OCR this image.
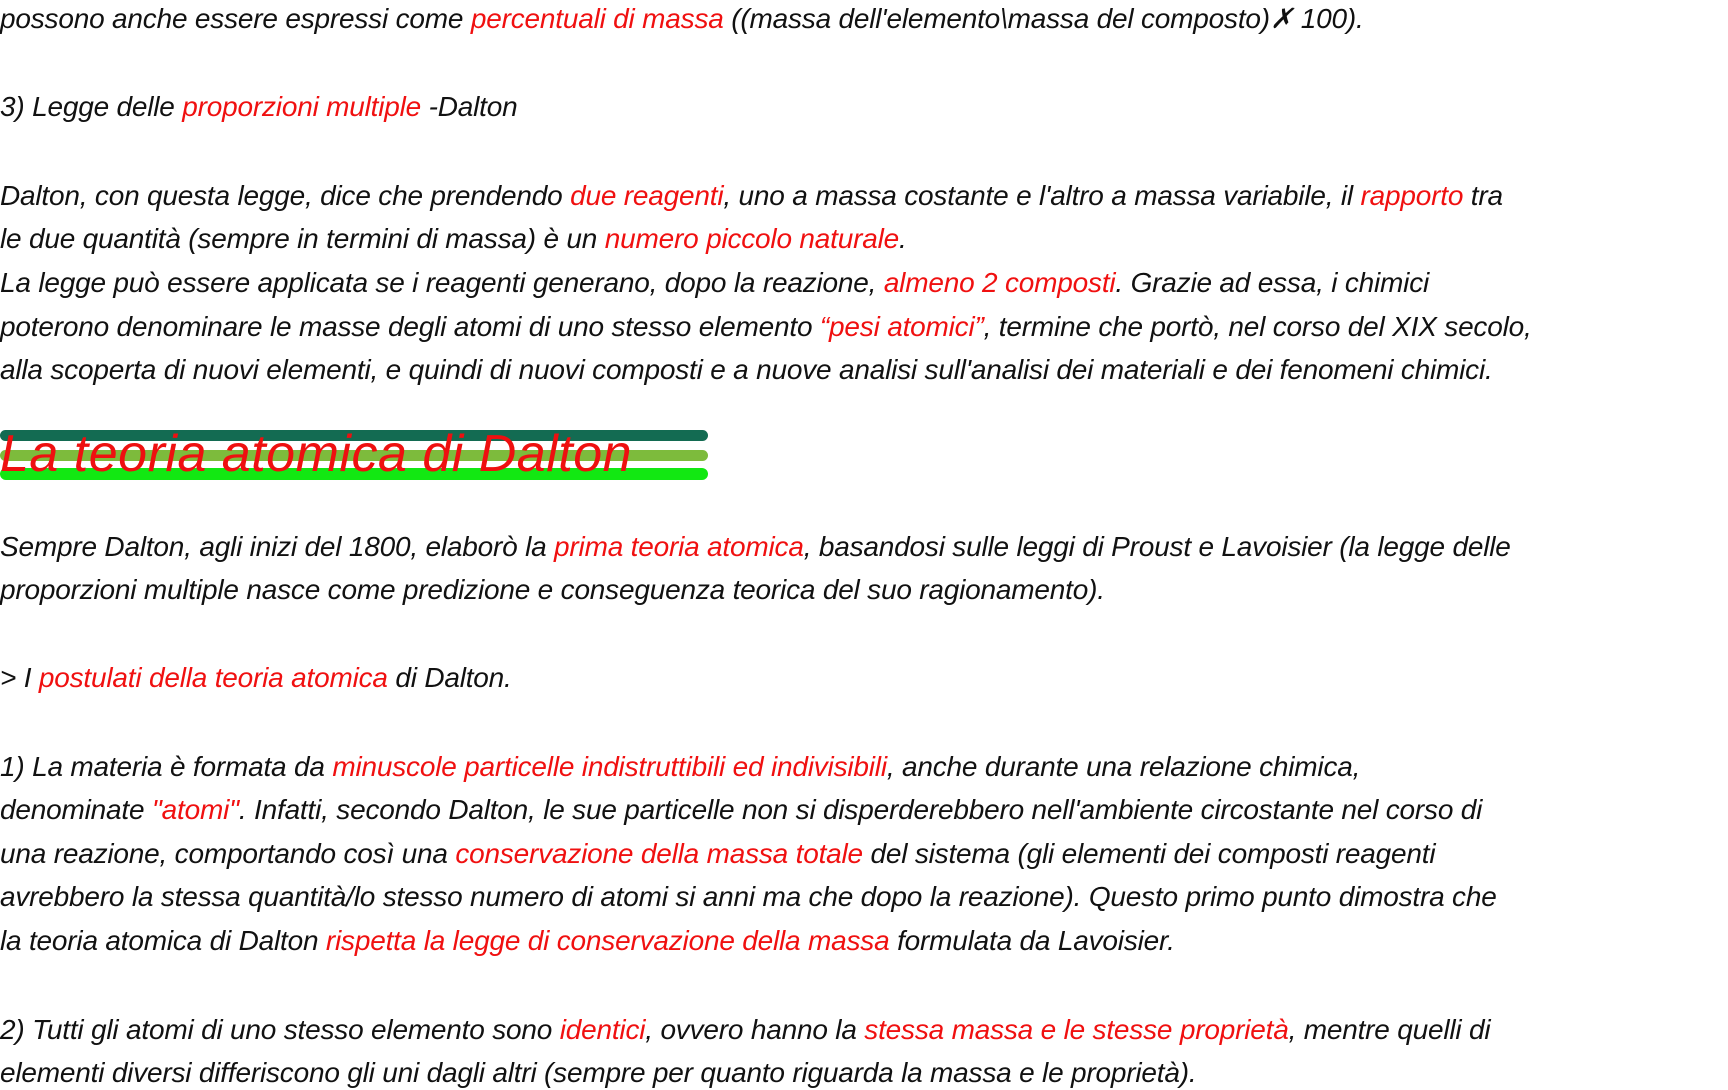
possono anche essere espressi come percentuali di massa ((massa dell'elemento\massa del composto)✗ 100).
3) Legge delle proporzioni multiple -Dalton
Dalton, con questa legge, dice che prendendo due reagenti, uno a massa costante e l'altro a massa variabile, il rapporto tra
le due quantità (sempre in termini di massa) è un numero piccolo naturale.
La legge può essere applicata se i reagenti generano, dopo la reazione, almeno 2 composti. Grazie ad essa, i chimici
poterono denominare le masse degli atomi di uno stesso elemento “pesi atomici”, termine che portò, nel corso del XIX secolo,
alla scoperta di nuovi elementi, e quindi di nuovi composti e a nuove analisi sull'analisi dei materiali e dei fenomeni chimici.
Sempre Dalton, agli inizi del 1800, elaborò la prima teoria atomica, basandosi sulle leggi di Proust e Lavoisier (la legge delle
proporzioni multiple nasce come predizione e conseguenza teorica del suo ragionamento).
> I postulati della teoria atomica di Dalton.
1) La materia è formata da minuscole particelle indistruttibili ed indivisibili, anche durante una relazione chimica,
denominate "atomi". Infatti, secondo Dalton, le sue particelle non si disperderebbero nell'ambiente circostante nel corso di
una reazione, comportando così una conservazione della massa totale del sistema (gli elementi dei composti reagenti
avrebbero la stessa quantità/lo stesso numero di atomi si anni ma che dopo la reazione). Questo primo punto dimostra che
la teoria atomica di Dalton rispetta la legge di conservazione della massa formulata da Lavoisier.
2) Tutti gli atomi di uno stesso elemento sono identici, ovvero hanno la stessa massa e le stesse proprietà, mentre quelli di
elementi diversi differiscono gli uni dagli altri (sempre per quanto riguarda la massa e le proprietà).
La teoria atomica di Dalton
